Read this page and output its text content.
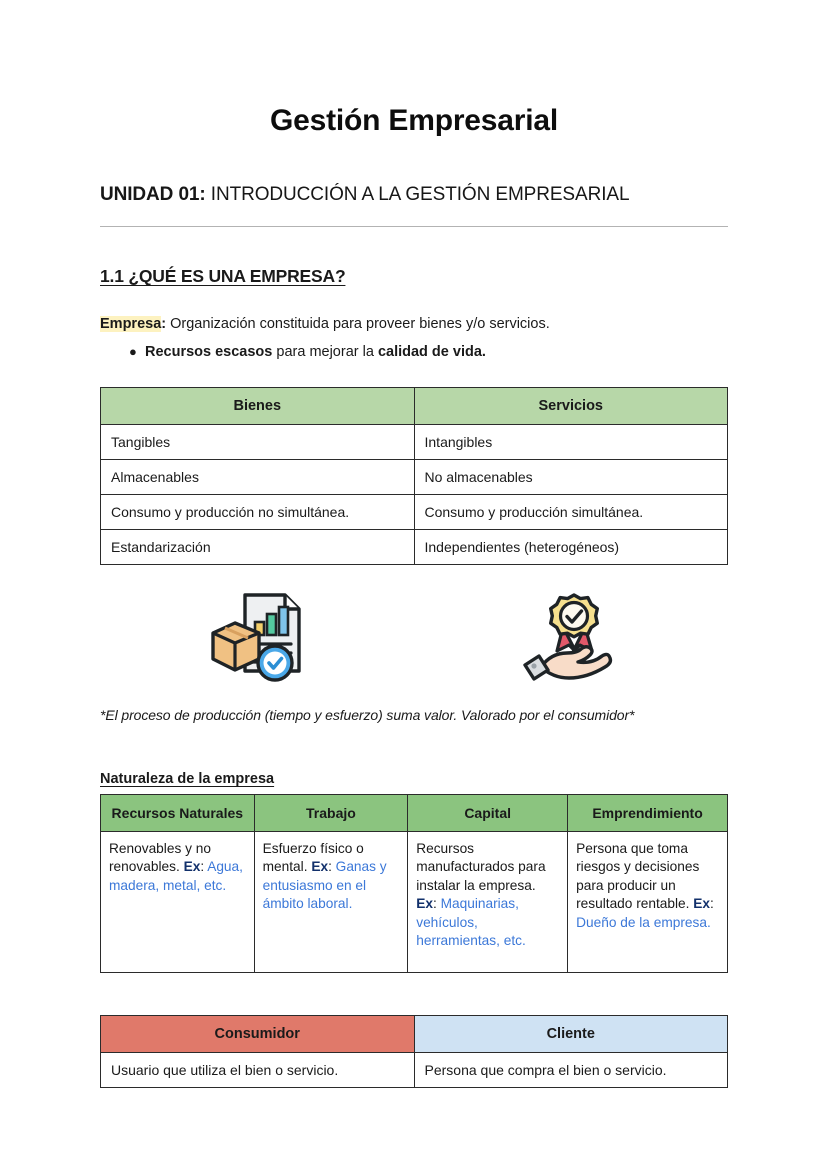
Gestión Empresarial

UNIDAD 01: INTRODUCCIÓN A LA GESTIÓN EMPRESARIAL

1.1 ¿QUÉ ES UNA EMPRESA?

Empresa: Organización constituida para proveer bienes y/o servicios.

● Recursos escasos para mejorar la calidad de vida.
Bienes	Servicios
Tangibles	Intangibles
Almacenables	No almacenables
Consumo y producción no simultánea.	Consumo y producción simultánea.
Estandarización	Independientes (heterogéneos)

*El proceso de producción (tiempo y esfuerzo) suma valor. Valorado por el consumidor*

Naturaleza de la empresa
Recursos Naturales	Trabajo	Capital	Emprendimiento
Renovables y no renovables. Ex: Agua, madera, metal, etc.	Esfuerzo físico o mental. Ex: Ganas y entusiasmo en el ámbito laboral.	Recursos manufacturados para instalar la empresa. Ex: Maquinarias, vehículos, herramientas, etc.	Persona que toma riesgos y decisiones para producir un resultado rentable. Ex: Dueño de la empresa.
Consumidor	Cliente
Usuario que utiliza el bien o servicio.	Persona que compra el bien o servicio.
